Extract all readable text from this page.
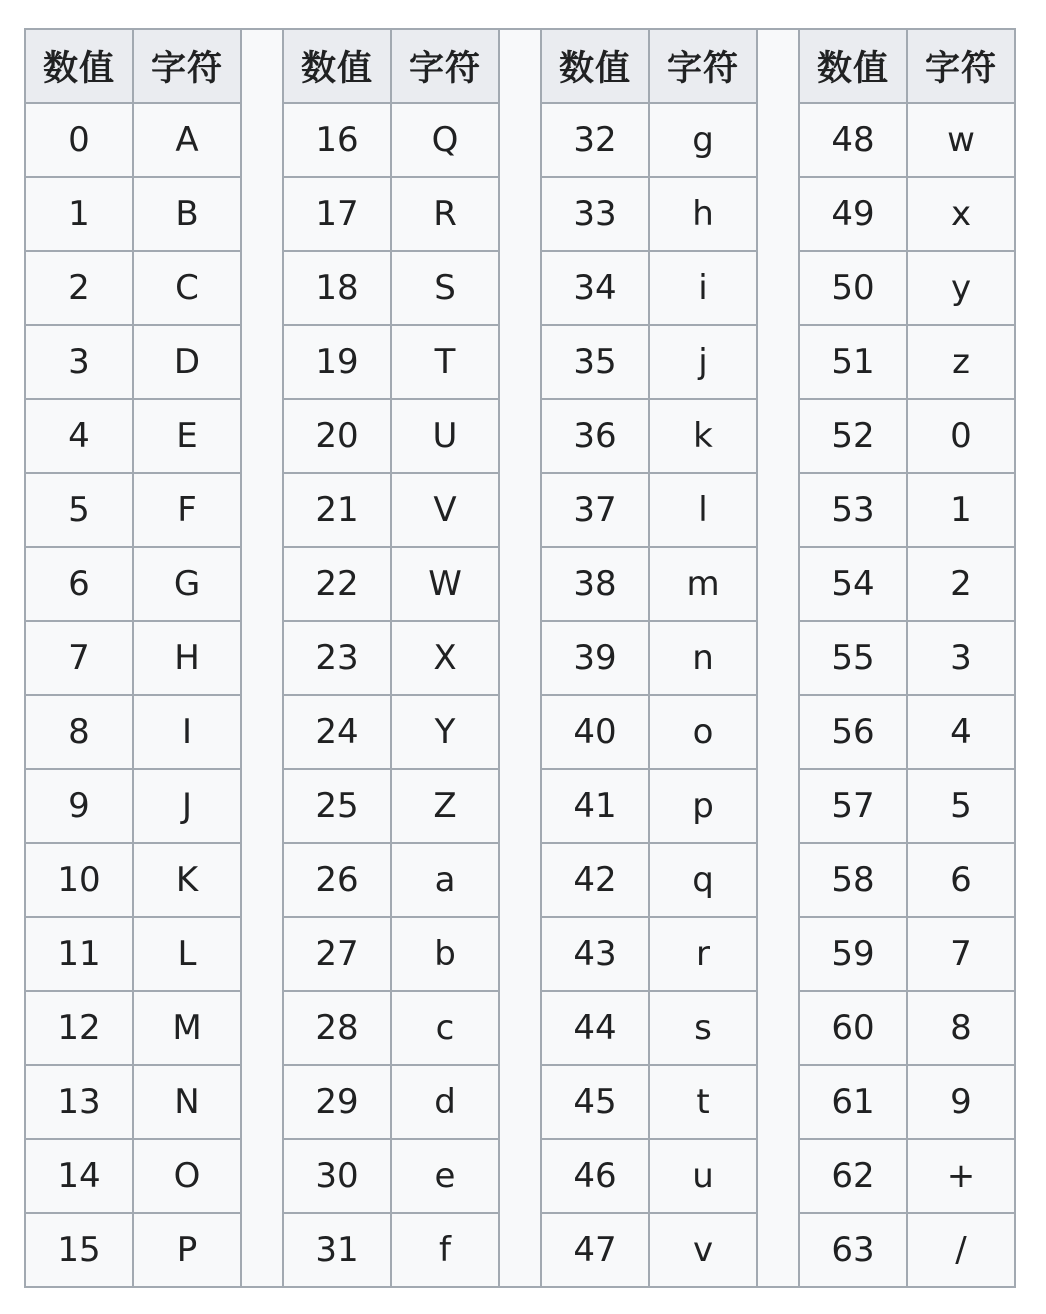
数值	字符		数值	字符		数值	字符		数值	字符
0	A		16	Q		32	g		48	w
1	B		17	R		33	h		49	x
2	C		18	S		34	i		50	y
3	D		19	T		35	j		51	z
4	E		20	U		36	k		52	0
5	F		21	V		37	l		53	1
6	G		22	W		38	m		54	2
7	H		23	X		39	n		55	3
8	I		24	Y		40	o		56	4
9	J		25	Z		41	p		57	5
10	K		26	a		42	q		58	6
11	L		27	b		43	r		59	7
12	M		28	c		44	s		60	8
13	N		29	d		45	t		61	9
14	O		30	e		46	u		62	+
15	P		31	f		47	v		63	/
